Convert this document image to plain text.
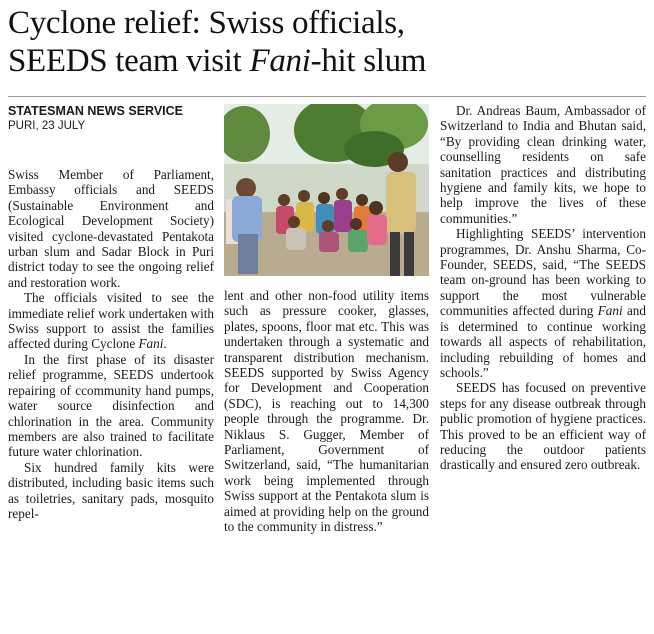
Cyclone relief: Swiss officials,
SEEDS team visit Fani-hit slum
STATESMAN NEWS SERVICE
PURI, 23 JULY

Swiss Member of Parliament, Embassy officials and SEEDS (Sustainable Environment and Ecological Development Society) visited cyclone-devastated Pentakota urban slum and Sadar Block in Puri district today to see the ongoing relief and restoration work.

The officials visited to see the immediate relief work undertaken with Swiss support to assist the families affected during Cyclone Fani.

In the first phase of its disaster relief programme, SEEDS undertook repairing of ccommunity hand pumps, water source disinfection and chlorination in the area. Community members are also trained to facilitate future water chlorination.

Six hundred family kits were distributed, including basic items such as toiletries, sanitary pads, mosquito repel-

lent and other non-food utility items such as pressure cooker, glasses, plates, spoons, floor mat etc. This was undertaken through a systematic and transparent distribution mechanism. SEEDS supported by Swiss Agency for Development and Cooperation (SDC), is reaching out to 14,300 people through the programme. Dr. Niklaus S. Gugger, Member of Parliament, Government of Switzerland, said, “The humanitarian work being implemented through Swiss support at the Pentakota slum is aimed at providing help on the ground to the community in distress.”

Dr. Andreas Baum, Ambassador of Switzerland to India and Bhutan said, “By providing clean drinking water, counselling residents on safe sanitation practices and distributing hygiene and family kits, we hope to help improve the lives of these communities.”

Highlighting SEEDS’ intervention programmes, Dr. Anshu Sharma, Co-Founder, SEEDS, said, “The SEEDS team on-ground has been working to support the most vulnerable communities affected during Fani and is determined to continue working towards all aspects of rehabilitation, including rebuilding of homes and schools.”

SEEDS has focused on preventive steps for any disease outbreak through public promotion of hygiene practices. This proved to be an efficient way of reducing the outdoor patients drastically and ensured zero outbreak.
